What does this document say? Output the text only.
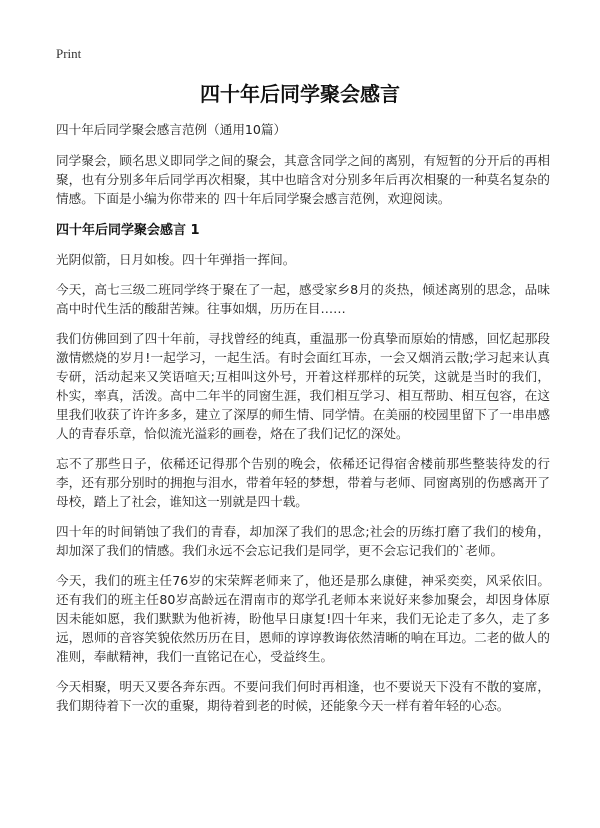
Print
四十年后同学聚会感言

四十年后同学聚会感言范例（通用10篇）

同学聚会，顾名思义即同学之间的聚会，其意含同学之间的离别，有短暂的分开后的再相聚，也有分别多年后同学再次相聚，其中也暗含对分别多年后再次相聚的一种莫名复杂的情感。下面是小编为你带来的 四十年后同学聚会感言范例，欢迎阅读。

四十年后同学聚会感言 1

光阴似箭，日月如梭。四十年弹指一挥间。

今天，高七三级二班同学终于聚在了一起，感受家乡8月的炎热，倾述离别的思念，品味高中时代生活的酸甜苦辣。往事如烟，历历在目……

我们仿佛回到了四十年前，寻找曾经的纯真，重温那一份真挚而原始的情感，回忆起那段激情燃烧的岁月!一起学习，一起生活。有时会面红耳赤，一会又烟消云散;学习起来认真专研，活动起来又笑语喧天;互相叫这外号，开着这样那样的玩笑，这就是当时的我们，朴实，率真，活泼。高中二年半的同窗生涯，我们相互学习、相互帮助、相互包容，在这里我们收获了许许多多，建立了深厚的师生情、同学情。在美丽的校园里留下了一串串感人的青春乐章，恰似流光溢彩的画卷，烙在了我们记忆的深处。

忘不了那些日子，依稀还记得那个告别的晚会，依稀还记得宿舍楼前那些整装待发的行李，还有那分别时的拥抱与泪水，带着年轻的梦想，带着与老师、同窗离别的伤感离开了母校，踏上了社会，谁知这一别就是四十载。

四十年的时间销蚀了我们的青春，却加深了我们的思念;社会的历练打磨了我们的棱角，却加深了我们的情感。我们永远不会忘记我们是同学，更不会忘记我们的`老师。

今天，我们的班主任76岁的宋荣辉老师来了，他还是那么康健，神采奕奕，风采依旧。还有我们的班主任80岁高龄远在渭南市的郑学孔老师本来说好来参加聚会，却因身体原因未能如愿，我们默默为他祈祷，盼他早日康复!四十年来，我们无论走了多久，走了多远，恩师的音容笑貌依然历历在目，恩师的谆谆教诲依然清晰的响在耳边。二老的做人的准则，奉献精神，我们一直铭记在心，受益终生。

今天相聚，明天又要各奔东西。不要问我们何时再相逢，也不要说天下没有不散的宴席，我们期待着下一次的重聚，期待着到老的时候，还能象今天一样有着年轻的心态。
